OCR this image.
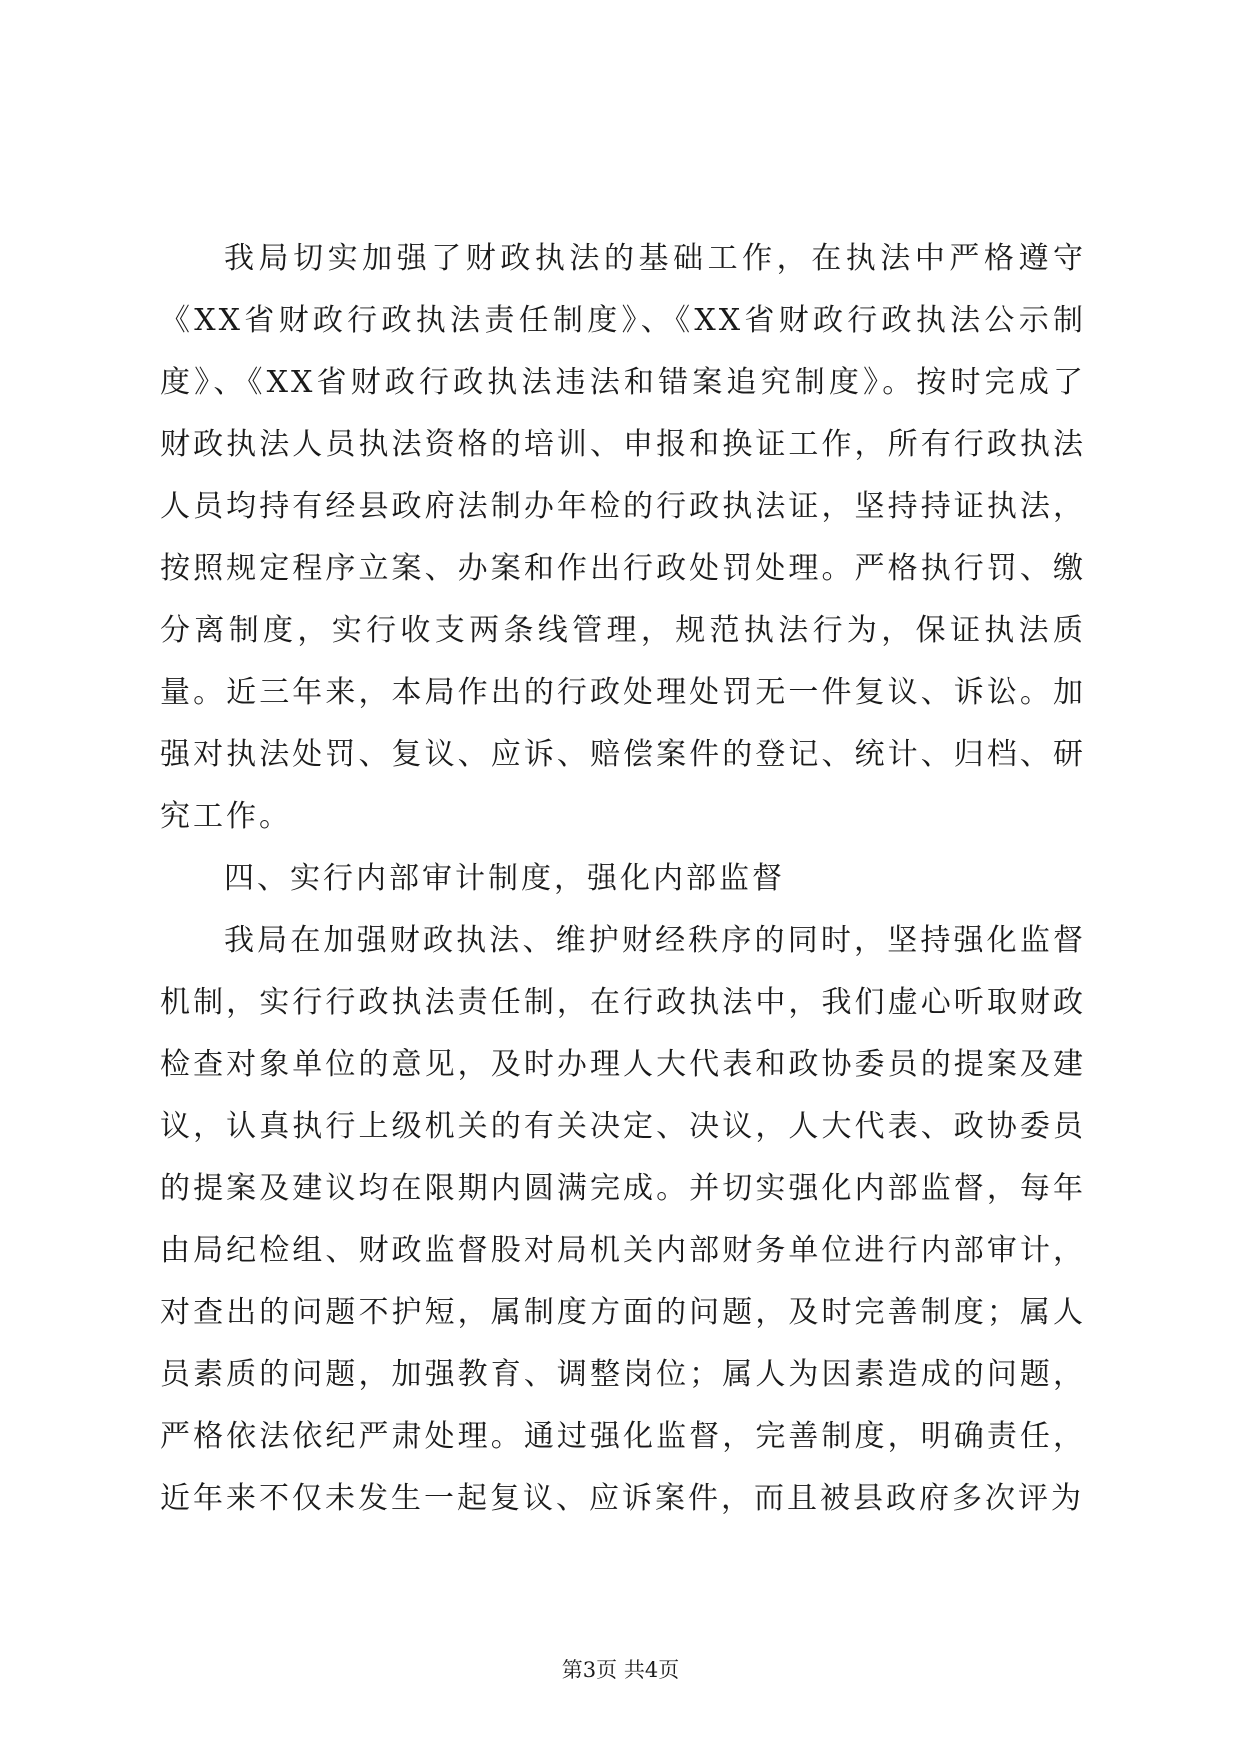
我局切实加强了财政执法的基础工作，在执法中严格遵守《XX省财政行政执法责任制度》、《XX省财政行政执法公示制度》、《XX省财政行政执法违法和错案追究制度》。按时完成了财政执法人员执法资格的培训、申报和换证工作，所有行政执法人员均持有经县政府法制办年检的行政执法证，坚持持证执法，按照规定程序立案、办案和作出行政处罚处理。严格执行罚、缴分离制度，实行收支两条线管理，规范执法行为，保证执法质量。近三年来，本局作出的行政处理处罚无一件复议、诉讼。加强对执法处罚、复议、应诉、赔偿案件的登记、统计、归档、研究工作。

四、实行内部审计制度，强化内部监督

我局在加强财政执法、维护财经秩序的同时，坚持强化监督机制，实行行政执法责任制，在行政执法中，我们虚心听取财政检查对象单位的意见，及时办理人大代表和政协委员的提案及建议，认真执行上级机关的有关决定、决议，人大代表、政协委员的提案及建议均在限期内圆满完成。并切实强化内部监督，每年由局纪检组、财政监督股对局机关内部财务单位进行内部审计，对查出的问题不护短，属制度方面的问题，及时完善制度；属人员素质的问题，加强教育、调整岗位；属人为因素造成的问题，严格依法依纪严肃处理。通过强化监督，完善制度，明确责任，近年来不仅未发生一起复议、应诉案件，而且被县政府多次评为

第3页 共4页
